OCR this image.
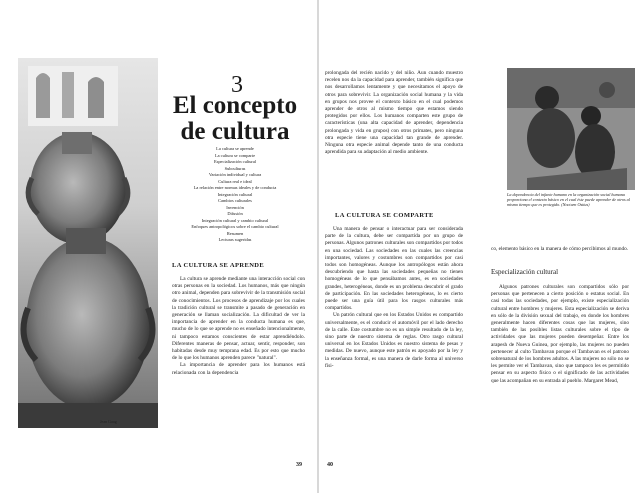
Jean Gaug
3
El concepto
de cultura
La cultura se aprende
La cultura se comparte
Especialización cultural
Subculturas
Variación individual y cultura
Cultura real e ideal
La relación entre normas ideales y de conducta
Integración cultural
Cambios culturales
Invención
Difusión
Integración cultural y cambio cultural
Enfoques antropológicos sobre el cambio cultural
Resumen
Lecturas sugeridas
LA CULTURA SE APRENDE

La cultura se aprende mediante una interacción social con otras personas en la sociedad. Los humanos, más que ningún otro animal, dependen para sobrevivir de la transmisión social de conocimientos. Los procesos de aprendizaje por los cuales la tradición cultural se transmite a pasado de generación en generación se llaman socialización. La dificultad de ver la importancia de aprender en la conducta humana es que, mucho de lo que se aprende no es enseñado intencionalmente, ni tampoco estamos conscientes de estar aprendiéndolo. Diferentes maneras de pensar, actuar, sentir, responder, son habitadas desde muy temprana edad. Es por esto que mucho de lo que los humanos aprenden parece "natural".

La importancia de aprender para los humanos está relacionada con la dependencia

39
prolongada del recién nacido y del niño. Aun cuando muestro recelen nos da la capacidad para aprender, también significa que nos desarrollamos lentamente y que necesitamos el apoyo de otros para sobrevivir. La organización social humana y la vida en grupos nos provee el contexto básico en el cual podemos aprender de otros al mismo tiempo que estamos siendo protegidos por ellos. Los humanos comparten este grupo de características (una alta capacidad de aprender, dependencia prolongada y vida en grupos) con otros primates, pero ninguna otra especie tiene una capacidad tan grande de aprender. Ninguna otra especie animal depende tanto de una conducta aprendida para su adaptación al medio ambiente.
LA CULTURA SE COMPARTE

Una manera de pensar o interactuar para ser considerada parte de la cultura, debe ser compartida por un grupo de personas. Algunos patrones culturales son compartidos por todos en una sociedad. Las sociedades en las cuales las creencias importantes, valores y costumbres son compartidos por casi todos son homogéneas. Aunque los antropólogos están ahora descubriendo que hasta las sociedades pequeñas no tienen homogéneas de lo que pensábamos antes, es en sociedades grandes, heterogéneas, donde es un problema descubrir el grado de participación. En las sociedades heterogéneas, lo es cierto puede ser una guía útil para los rasgos culturales más compartidos.

Un patrón cultural que en los Estados Unidos es compartido universalmente, es el conducir el automóvil por el lado derecho de la calle. Este costumbre no es un simple resultado de la ley, sino parte de nuestro sistema de reglas. Otro rasgo cultural universal en los Estados Unidos es nuestro sistema de pesas y medidas. De nuevo, aunque este patrón es apoyado por la ley y la enseñanza formal, es una manera de darle forma al universo físi-

40
La dependencia del infante humano en la organización social humana proporciona el contexto básico en el cual éste puede aprender de otros al mismo tiempo que es protegido. (Nocturn Ostius)
co, elemento básico en la manera de cómo percibimos al mundo.
Especialización cultural

Algunos patrones culturales son compartidos sólo por personas que pertenecen a cierto posición o estatus social. En casi todas las sociedades, por ejemplo, existe especialización cultural entre hombres y mujeres. Esta especialización se deriva en sólo de la división sexual del trabajo, en donde los hombres generalmente hacen diferentes cosas que las mujeres, sino también de las posibles listas culturales sobre el tipo de actividades que las mujeres pueden desempeñar. Entre los arapesh de Nueva Guinea, por ejemplo, las mujeres no pueden pertenecer al culto Tambavan porque el Tambavan es el patrono sobrenatural de los hombres adultos. A las mujeres no sólo no se les permite ver el Tambavan, sino que tampoco les es permitido pensar en su aspecto físico o el significado de las actividades que las acompañan en su entrada al pueblo. Margaret Mead,
